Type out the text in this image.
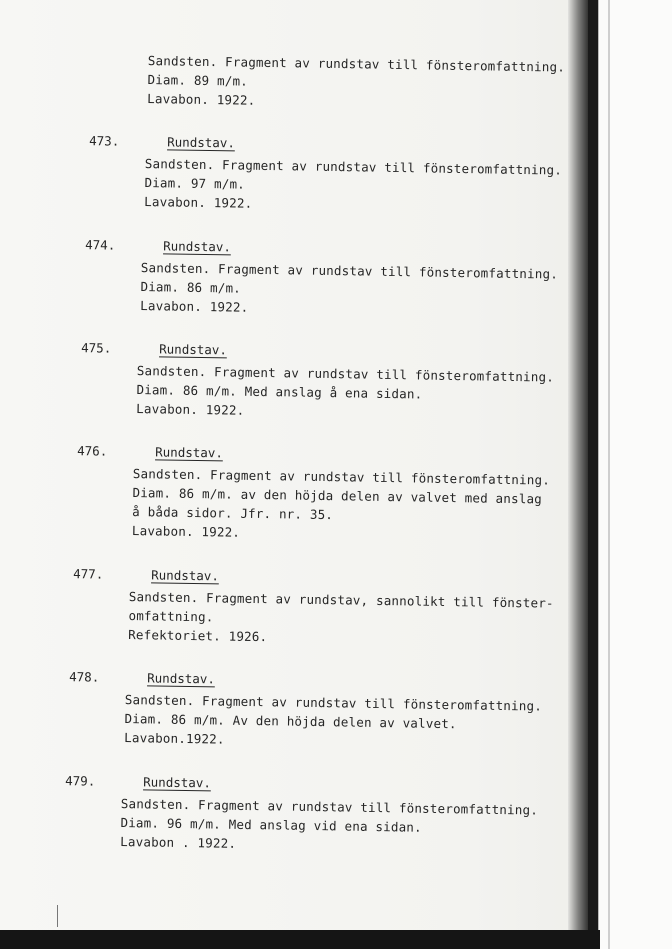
Sandsten. Fragment av rundstav till fönsteromfattning.
Diam. 89 m/m.
Lavabon. 1922.
473.	Rundstav.
Sandsten. Fragment av rundstav till fönsteromfattning.
Diam. 97 m/m.
Lavabon. 1922.
474.	Rundstav.
Sandsten. Fragment av rundstav till fönsteromfattning.
Diam. 86 m/m.
Lavabon. 1922.
475.	Rundstav.
Sandsten. Fragment av rundstav till fönsteromfattning.
Diam. 86 m/m. Med anslag å ena sidan.
Lavabon. 1922.
476.	Rundstav.
Sandsten. Fragment av rundstav till fönsteromfattning.
Diam. 86 m/m. av den höjda delen av valvet med anslag
å båda sidor. Jfr. nr. 35.
Lavabon. 1922.
477.	Rundstav.
Sandsten. Fragment av rundstav, sannolikt till fönster-
omfattning.
Refektoriet. 1926.
478.	Rundstav.
Sandsten. Fragment av rundstav till fönsteromfattning.
Diam. 86 m/m. Av den höjda delen av valvet.
Lavabon.1922.
479.	Rundstav.
Sandsten. Fragment av rundstav till fönsteromfattning.
Diam. 96 m/m. Med anslag vid ena sidan.
Lavabon . 1922.
